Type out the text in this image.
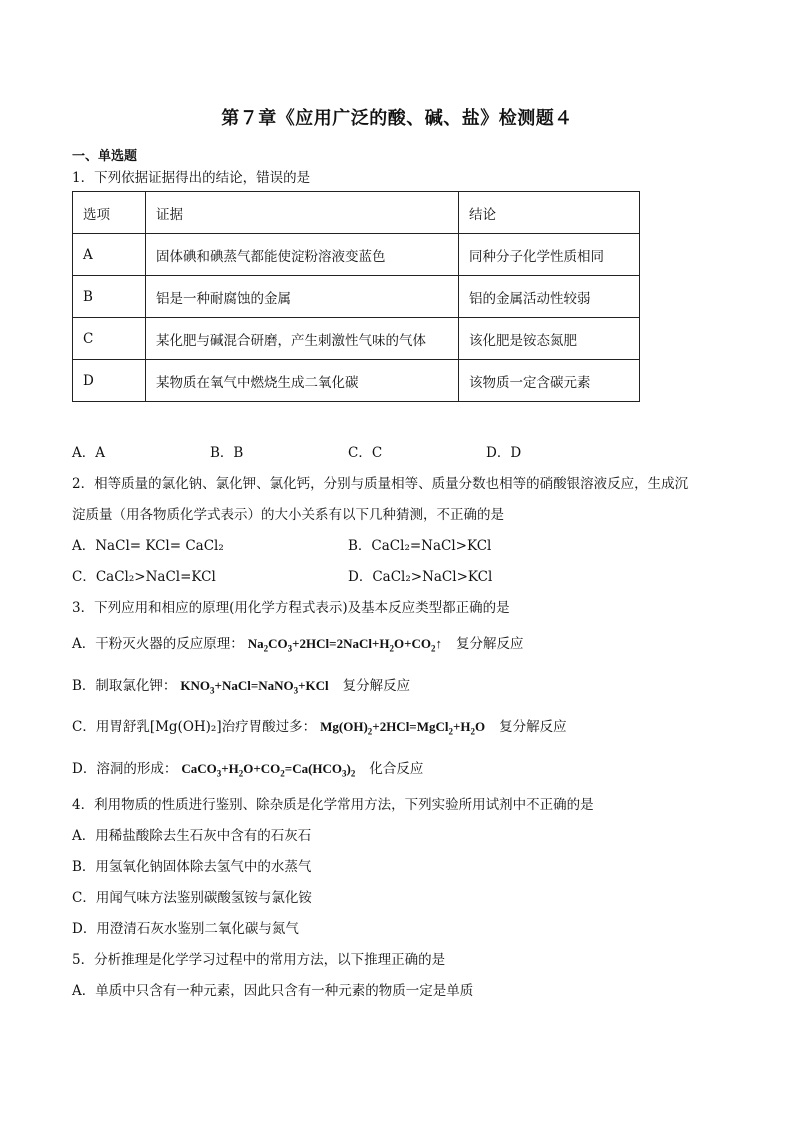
第７章《应用广泛的酸、碱、盐》检测题４
一、单选题
1．下列依据证据得出的结论，错误的是
选项	证据	结论
A	固体碘和碘蒸气都能使淀粉溶液变蓝色	同种分子化学性质相同
B	铝是一种耐腐蚀的金属	铝的金属活动性较弱
C	某化肥与碱混合研磨，产生刺激性气味的气体	该化肥是铵态氮肥
D	某物质在氧气中燃烧生成二氧化碳	该物质一定含碳元素
A．A	B．B	C．C	D．D
2．相等质量的氯化钠、氯化钾、氯化钙，分别与质量相等、质量分数也相等的硝酸银溶液反应，生成沉
淀质量（用各物质化学式表示）的大小关系有以下几种猜测，不正确的是
A．NaCl= KCl= CaCl₂	B．CaCl₂=NaCl>KCl
C．CaCl₂>NaCl=KCl	D．CaCl₂>NaCl>KCl
3．下列应用和相应的原理(用化学方程式表示)及基本反应类型都正确的是
A．干粉灭火器的反应原理： $Na_2CO_3+2HCl=2NaCl+H_2O+CO_2↑$ 复分解反应
B．制取氯化钾： $KNO_3+NaCl=NaNO_3+KCl$ 复分解反应
C．用胃舒乳[Mg(OH)₂]治疗胃酸过多： $Mg(OH)_2+2HCl=MgCl_2+H_2O$ 复分解反应
D．溶洞的形成： $CaCO_3+H_2O+CO_2=Ca(HCO_3)_2$ 化合反应
4．利用物质的性质进行鉴别、除杂质是化学常用方法，下列实验所用试剂中不正确的是
A．用稀盐酸除去生石灰中含有的石灰石
B．用氢氧化钠固体除去氢气中的水蒸气
C．用闻气味方法鉴别碳酸氢铵与氯化铵
D．用澄清石灰水鉴别二氧化碳与氮气
5．分析推理是化学学习过程中的常用方法，以下推理正确的是
A．单质中只含有一种元素，因此只含有一种元素的物质一定是单质
